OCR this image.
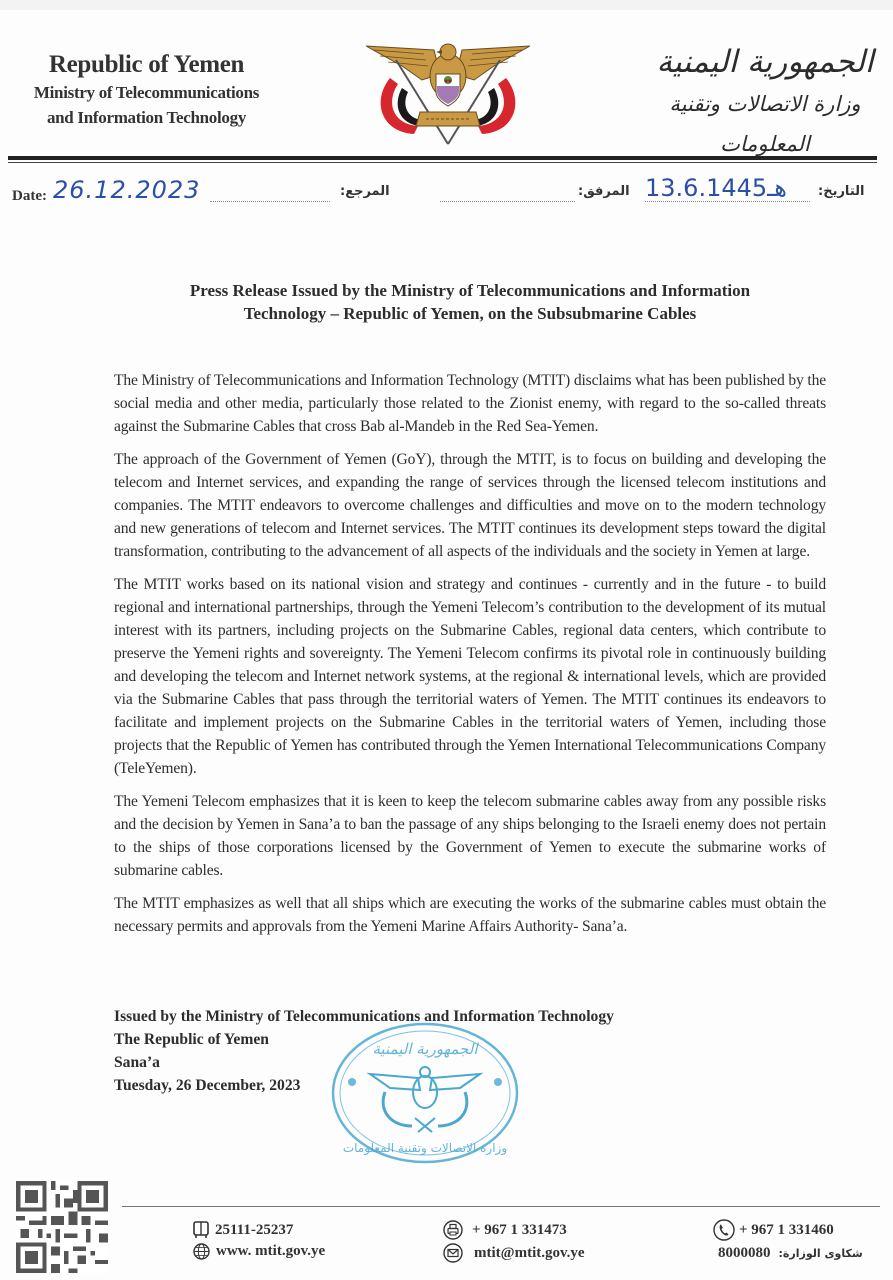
Republic of Yemen
Ministry of Telecommunications
and Information Technology
الجمهورية اليمنية
وزارة الاتصالات وتقنية المعلومات
Date: 26.12.2023	المرجع:	المرفق: 13.6.1445هـ التاريخ:
Press Release Issued by the Ministry of Telecommunications and Information
Technology – Republic of Yemen, on the Subsubmarine Cables

The Ministry of Telecommunications and Information Technology (MTIT) disclaims what has been published by the social media and other media, particularly those related to the Zionist enemy, with regard to the so-called threats against the Submarine Cables that cross Bab al-Mandeb in the Red Sea-Yemen.

The approach of the Government of Yemen (GoY), through the MTIT, is to focus on building and developing the telecom and Internet services, and expanding the range of services through the licensed telecom institutions and companies. The MTIT endeavors to overcome challenges and difficulties and move on to the modern technology and new generations of telecom and Internet services. The MTIT continues its development steps toward the digital transformation, contributing to the advancement of all aspects of the individuals and the society in Yemen at large.

The MTIT works based on its national vision and strategy and continues - currently and in the future - to build regional and international partnerships, through the Yemeni Telecom’s contribution to the development of its mutual interest with its partners, including projects on the Submarine Cables, regional data centers, which contribute to preserve the Yemeni rights and sovereignty. The Yemeni Telecom confirms its pivotal role in continuously building and developing the telecom and Internet network systems, at the regional & international levels, which are provided via the Submarine Cables that pass through the territorial waters of Yemen. The MTIT continues its endeavors to facilitate and implement projects on the Submarine Cables in the territorial waters of Yemen, including those projects that the Republic of Yemen has contributed through the Yemen International Telecommunications Company (TeleYemen).

The Yemeni Telecom emphasizes that it is keen to keep the telecom submarine cables away from any possible risks and the decision by Yemen in Sana’a to ban the passage of any ships belonging to the Israeli enemy does not pertain to the ships of those corporations licensed by the Government of Yemen to execute the submarine works of submarine cables.

The MTIT emphasizes as well that all ships which are executing the works of the submarine cables must obtain the necessary permits and approvals from the Yemeni Marine Affairs Authority- Sana’a.

Issued by the Ministry of Telecommunications and Information Technology
The Republic of Yemen
Sana’a
Tuesday, 26 December, 2023
الجمهورية اليمنية
وزارة الاتصالات وتقنية المعلومات
25111-25237
www. mtit.gov.ye
+ 967 1 331473
mtit@mtit.gov.ye
+ 967 1 331460
8000080 شكاوى الوزارة:
